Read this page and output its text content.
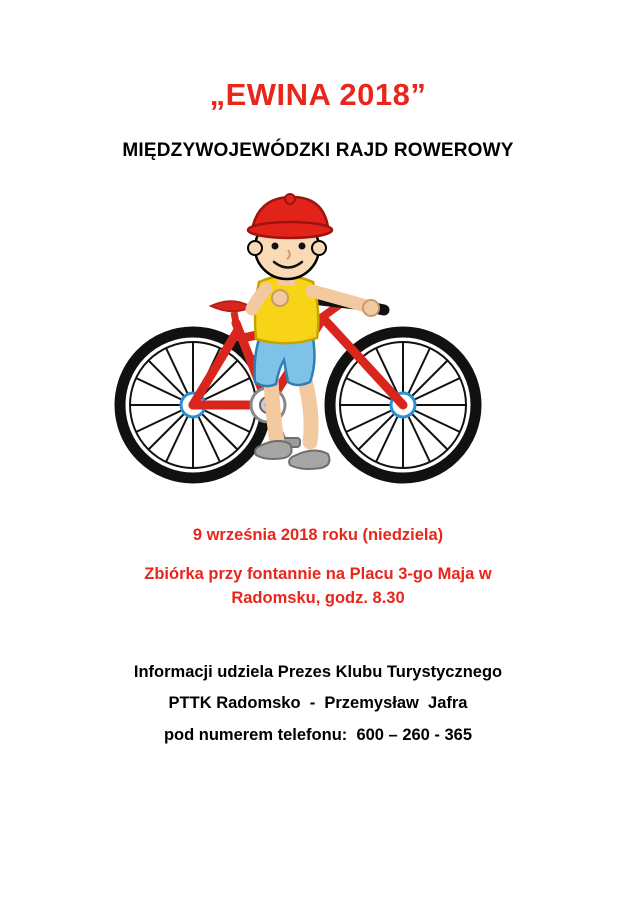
„EWINA 2018”
MIĘDZYWOJEWÓDZKI RAJD ROWEROWY

9 września 2018 roku (niedziela)

Zbiórka przy fontannie na Placu 3-go Maja w
Radomsku, godz. 8.30
Informacji udziela Prezes Klubu Turystycznego
PTTK Radomsko  -  Przemysław  Jafra
pod numerem telefonu:  600 – 260 - 365
